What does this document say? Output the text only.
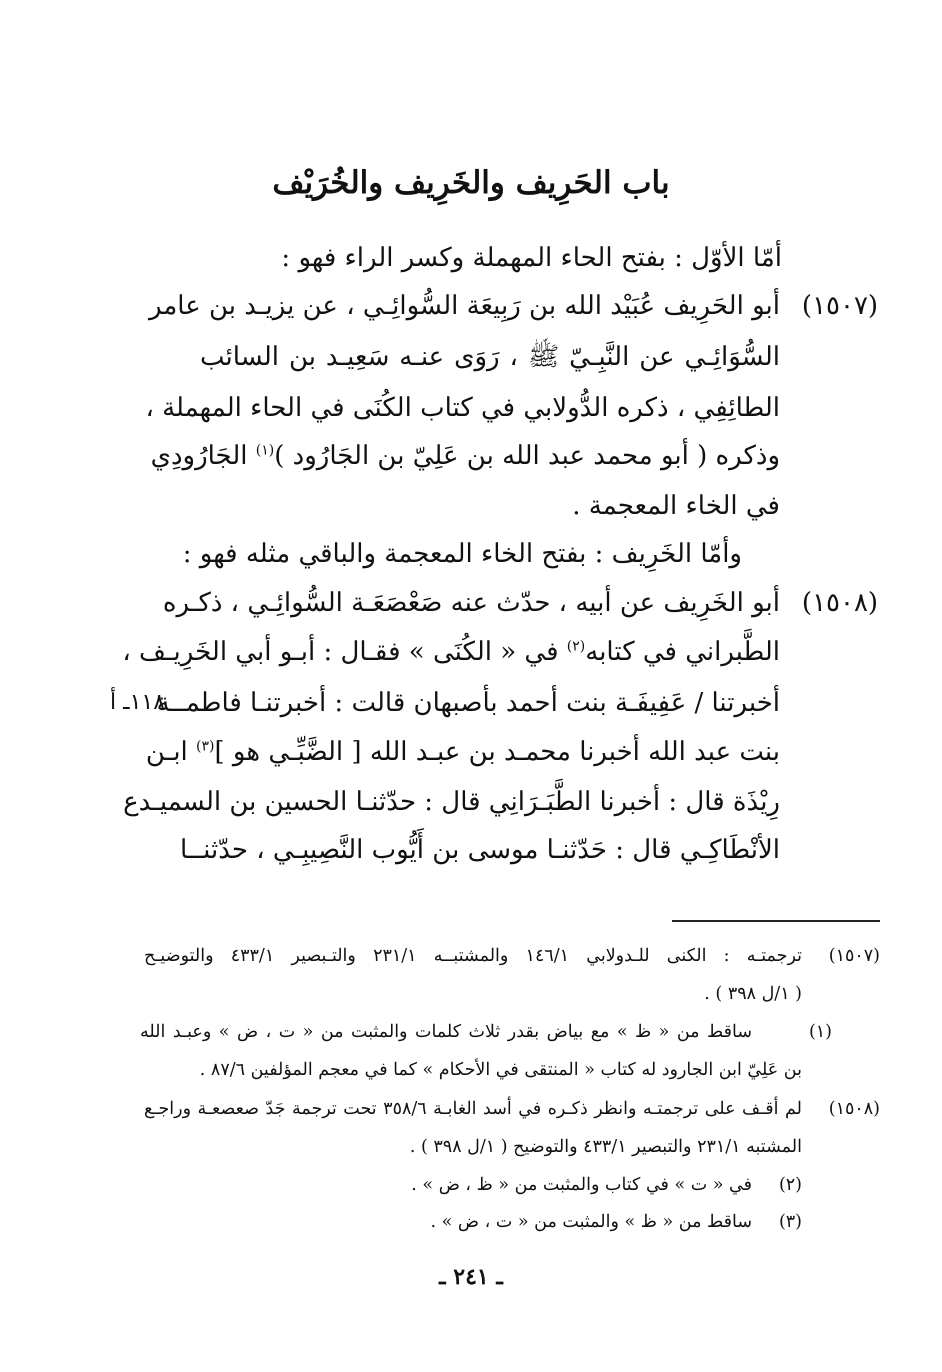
باب الحَرِيف والخَرِيف والخُرَيْف
أمّا الأوّل : بفتح الحاء المهملة وكسر الراء فهو :
(١٥٠٧)
أبو الحَرِيف عُبَيْد الله بن رَبِيعَة السُّوائِـي ، عن يزيـد بن عامر
السُّوَائِـي عن النَّبِـيّ ﷺ ، رَوَى عنـه سَعِيـد بن السائب
الطائِفِي ، ذكره الدُّولابي في كتاب الكُنَى في الحاء المهملة ،
وذكره ( أبو محمد عبد الله بن عَلِيّ بن الجَارُود )$^{(١)}$ الجَارُودِي
في الخاء المعجمة .
وأمّا الخَرِيف : بفتح الخاء المعجمة والباقي مثله فهو :
(١٥٠٨)
أبو الخَرِيف عن أبيه ، حدّث عنه صَعْصَعَـة السُّوائِـي ، ذكـره
الطَّبراني في كتابه$^{(٢)}$ في « الكُنَى » فقـال : أبـو أبي الخَرِيـف ،
أخبرتنا / عَفِيفَـة بنت أحمد بأصبهان قالت : أخبرتنـا فاطمــة
١١٨ـ أ
بنت عبد الله أخبرنا محمـد بن عبـد الله [ الضَّبِّـي هو ]$^{(٣)}$ ابـن
رِيْذَة قال : أخبرنا الطَّبَـرَانِي قال : حدّثنـا الحسين بن السميـدع
الأنْطَاكِـي قال : حَدّثنـا موسى بن أَيُّوب النَّصِيبِـي ، حدّثنــا
(١٥٠٧)
ترجمتـه : الكنى للـدولابي ١٤٦/١ والمشتبــه ٢٣١/١ والتـبصير ٤٣٣/١ والتوضيـح
( ١/ل ٣٩٨ ) .
(١)
ساقط من « ظ » مع بياض بقدر ثلاث كلمات والمثبت من « ت ، ض » وعبـد الله
بن عَلِيّ ابن الجارود له كتاب « المنتقى في الأحكام » كما في معجم المؤلفين ٨٧/٦ .
(١٥٠٨)
لم أقـف على ترجمتـه وانظر ذكـره في أسد الغابـة ٣٥٨/٦ تحت ترجمة جَدّ صعصعـة وراجـع
المشتبه ٢٣١/١ والتبصير ٤٣٣/١ والتوضيح ( ١/ل ٣٩٨ ) .
(٢)
في « ت » في كتاب والمثبت من « ظ ، ض » .
(٣)
ساقط من « ظ » والمثبت من « ت ، ض » .
ـ ٢٤١ ـ
